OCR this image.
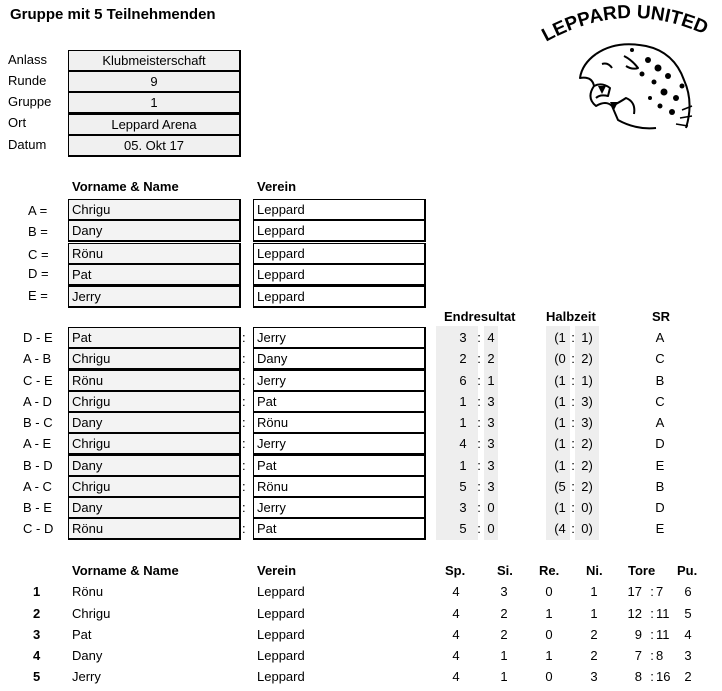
Gruppe mit 5 Teilnehmenden
Anlass	Klubmeisterschaft
Runde	9
Gruppe	1
Ort	Leppard Arena
Datum	05. Okt 17
LEPPARD UNITED
Vorname & Name	Verein
A =	Chrigu	Leppard
B =	Dany	Leppard
C =	Rönu	Leppard
D =	Pat	Leppard
E =	Jerry	Leppard
Endresultat Halbzeit	SR
D - E	Pat	: Jerry	3 : 4	(1 : 1)	A
A - B	Chrigu	: Dany	2 : 2	(0 : 2)	C
C - E	Rönu	: Jerry	6 : 1	(1 : 1)	B
A - D	Chrigu	: Pat	1 : 3	(1 : 3)	C
B - C	Dany	: Rönu	1 : 3	(1 : 3)	A
A - E	Chrigu	: Jerry	4 : 3	(1 : 2)	D
B - D	Dany	: Pat	1 : 3	(1 : 2)	E
A - C	Chrigu	: Rönu	5 : 3	(5 : 2)	B
B - E	Dany	: Jerry	3 : 0	(1 : 0)	D
C - D	Rönu	: Pat	5 : 0	(4 : 0)	E
Vorname & Name	Verein	Sp. Si. Re. Ni. Tore Pu.
1 Rönu	Leppard	4	3	0	1	17 : 7	6
2 Chrigu	Leppard	4	2	1	1	12 : 11	5
3 Pat	Leppard	4	2	0	2	9 : 11	4
4 Dany	Leppard	4	1	1	2	7 : 8	3
5 Jerry	Leppard	4	1	0	3	8 : 16	2
